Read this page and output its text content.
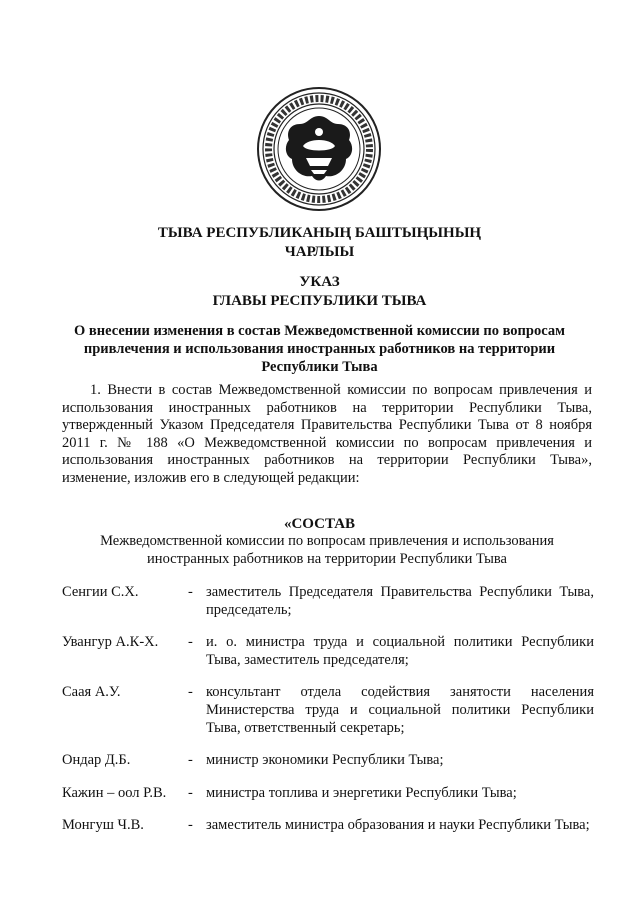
ТЫВА РЕСПУБЛИКАНЫҢ БАШТЫҢЫНЫҢ
ЧАРЛЫЫ
УКАЗ
ГЛАВЫ РЕСПУБЛИКИ ТЫВА
О внесении изменения в состав Межведомственной комиссии по вопросам
привлечения и использования иностранных работников на территории
Республики Тыва
1. Внести в состав Межведомственной комиссии по вопросам привлечения и использования иностранных работников на территории Республики Тыва, утвержденный Указом Председателя Правительства Республики Тыва от 8 ноября 2011 г. № 188 «О Межведомственной комиссии по вопросам привлечения и использования иностранных работников на территории Республики Тыва», изменение, изложив его в следующей редакции:
«СОСТАВ
Межведомственной комиссии по вопросам привлечения и использования иностранных работников на территории Республики Тыва
Сенгии С.Х.	- заместитель Председателя Правительства Республики Тыва, председатель;
Увангур А.К-Х.	- и. о. министра труда и социальной политики Республики Тыва, заместитель председателя;
Саая А.У.	- консультант отдела содействия занятости населения Министерства труда и социальной политики Республики Тыва, ответственный секретарь;
Ондар Д.Б.	- министр экономики Республики Тыва;
Кажин – оол Р.В.	- министра топлива и энергетики Республики Тыва;
Монгуш Ч.В.	- заместитель министра образования и науки Республики Тыва;
